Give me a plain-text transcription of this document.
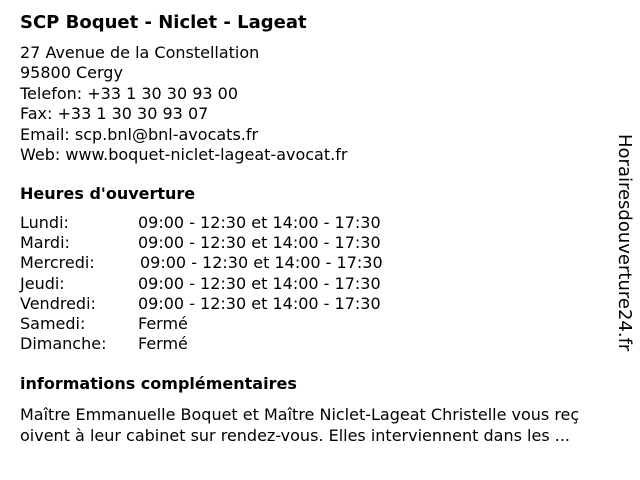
SCP Boquet - Niclet - Lageat
27 Avenue de la Constellation
95800 Cergy
Telefon: +33 1 30 30 93 00
Fax: +33 1 30 30 93 07
Email: scp.bnl@bnl-avocats.fr
Web: www.boquet-niclet-lageat-avocat.fr
Heures d'ouverture
Lundi:	09:00 - 12:30 et 14:00 - 17:30
Mardi:	09:00 - 12:30 et 14:00 - 17:30
Mercredi:	09:00 - 12:30 et 14:00 - 17:30
Jeudi:	09:00 - 12:30 et 14:00 - 17:30
Vendredi:	09:00 - 12:30 et 14:00 - 17:30
Samedi:	Fermé
Dimanche: Fermé
informations complémentaires
Maître Emmanuelle Boquet et Maître Niclet-Lageat Christelle vous reç
oivent à leur cabinet sur rendez-vous. Elles interviennent dans les ...
Horairesdouverture24.fr
